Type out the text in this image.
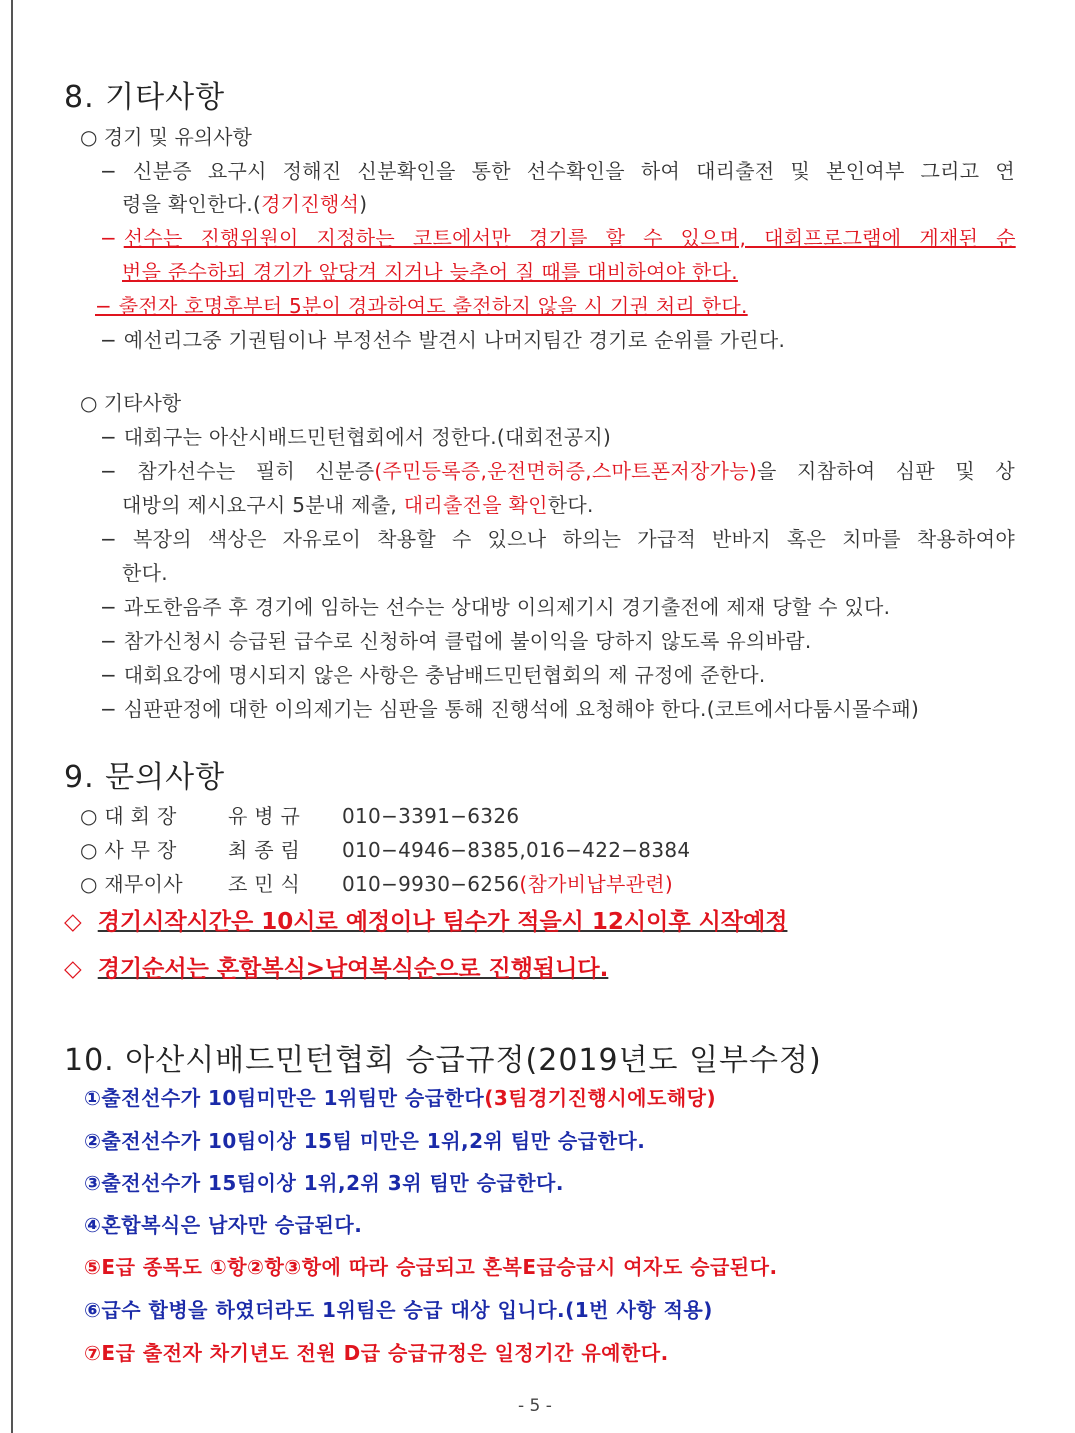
8. 기타사항
○ 경기 및 유의사항
− 신분증 요구시 정해진 신분확인을 통한 선수확인을 하여 대리출전 및 본인여부 그리고 연
령을 확인한다.(경기진행석)
− 선수는 진행위원이 지정하는 코트에서만 경기를 할 수 있으며, 대회프로그램에 게재된 순
번을 준수하되 경기가 앞당겨 지거나 늦추어 질 때를 대비하여야 한다.
− 출전자 호명후부터 5분이 경과하여도 출전하지 않을 시 기권 처리 한다.
− 예선리그중 기권팀이나 부정선수 발견시 나머지팀간 경기로 순위를 가린다.
○ 기타사항
− 대회구는 아산시배드민턴협회에서 정한다.(대회전공지)
− 참가선수는 필히 신분증(주민등록증,운전면허증,스마트폰저장가능)을 지참하여 심판 및 상
대방의 제시요구시 5분내 제출, 대리출전을 확인한다.
− 복장의 색상은 자유로이 착용할 수 있으나 하의는 가급적 반바지 혹은 치마를 착용하여야
한다.
− 과도한음주 후 경기에 임하는 선수는 상대방 이의제기시 경기출전에 제재 당할 수 있다.
− 참가신청시 승급된 급수로 신청하여 클럽에 불이익을 당하지 않도록 유의바람.
− 대회요강에 명시되지 않은 사항은 충남배드민턴협회의 제 규정에 준한다.
− 심판판정에 대한 이의제기는 심판을 통해 진행석에 요청해야 한다.(코트에서다툼시몰수패)
9. 문의사항
○ 대 회 장	유 병 규 010−3391−6326
○ 사 무 장	최 종 림 010−4946−8385,016−422−8384
○ 재무이사 조 민 식 010−9930−6256(참가비납부관련)
◇ 경기시작시간은 10시로 예정이나 팀수가 적을시 12시이후 시작예정
◇ 경기순서는 혼합복식>남여복식순으로 진행됩니다.
10. 아산시배드민턴협회 승급규정(2019년도 일부수정)
①출전선수가 10팀미만은 1위팀만 승급한다(3팀경기진행시에도해당)
②출전선수가 10팀이상 15팀 미만은 1위,2위 팀만 승급한다.
③출전선수가 15팀이상 1위,2위 3위 팀만 승급한다.
④혼합복식은 남자만 승급된다.
⑤E급 종목도 ①항②항③항에 따라 승급되고 혼복E급승급시 여자도 승급된다.
⑥급수 합병을 하였더라도 1위팀은 승급 대상 입니다.(1번 사항 적용)
⑦E급 출전자 차기년도 전원 D급 승급규정은 일정기간 유예한다.
- 5 -
